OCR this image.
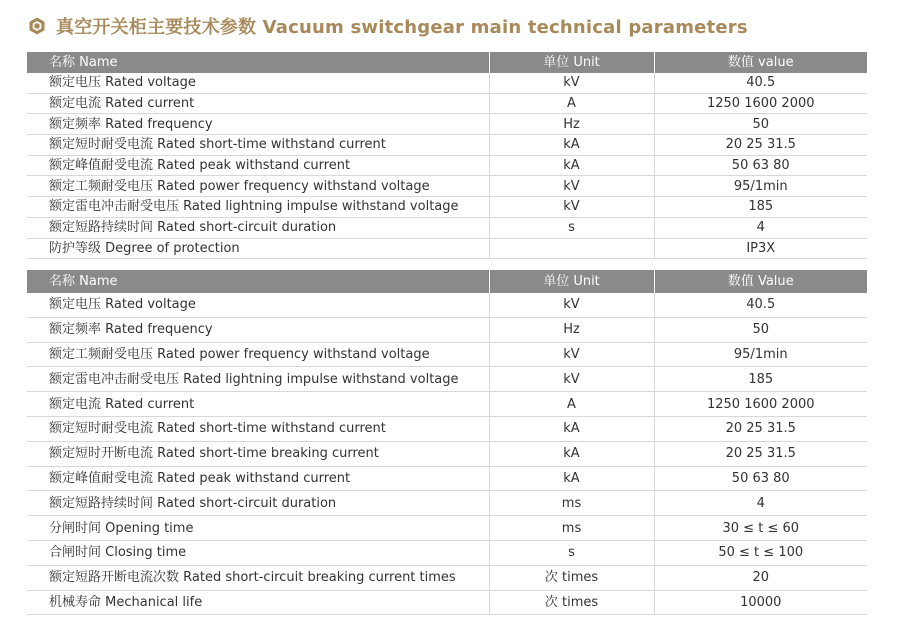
真空开关柜主要技术参数 Vacuum switchgear main technical parameters
名称 Name	单位 Unit	数值 value
额定电压 Rated voltage	kV	40.5
额定电流 Rated current	A	1250 1600 2000
额定频率 Rated frequency	Hz	50
额定短时耐受电流 Rated short-time withstand current	kA	20 25 31.5
额定峰值耐受电流 Rated peak withstand current	kA	50 63 80
额定工频耐受电压 Rated power frequency withstand voltage	kV	95/1min
额定雷电冲击耐受电压 Rated lightning impulse withstand voltage	kV	185
额定短路持续时间 Rated short-circuit duration	s	4
防护等级 Degree of protection		IP3X
名称 Name	单位 Unit	数值 Value
额定电压 Rated voltage	kV	40.5
额定频率 Rated frequency	Hz	50
额定工频耐受电压 Rated power frequency withstand voltage	kV	95/1min
额定雷电冲击耐受电压 Rated lightning impulse withstand voltage	kV	185
额定电流 Rated current	A	1250 1600 2000
额定短时耐受电流 Rated short-time withstand current	kA	20 25 31.5
额定短时开断电流 Rated short-time breaking current	kA	20 25 31.5
额定峰值耐受电流 Rated peak withstand current	kA	50 63 80
额定短路持续时间 Rated short-circuit duration	ms	4
分闸时间 Opening time	ms	30 ≤ t ≤ 60
合闸时间 Closing time	s	50 ≤ t ≤ 100
额定短路开断电流次数 Rated short-circuit breaking current times	次 times	20
机械寿命 Mechanical life	次 times	10000
